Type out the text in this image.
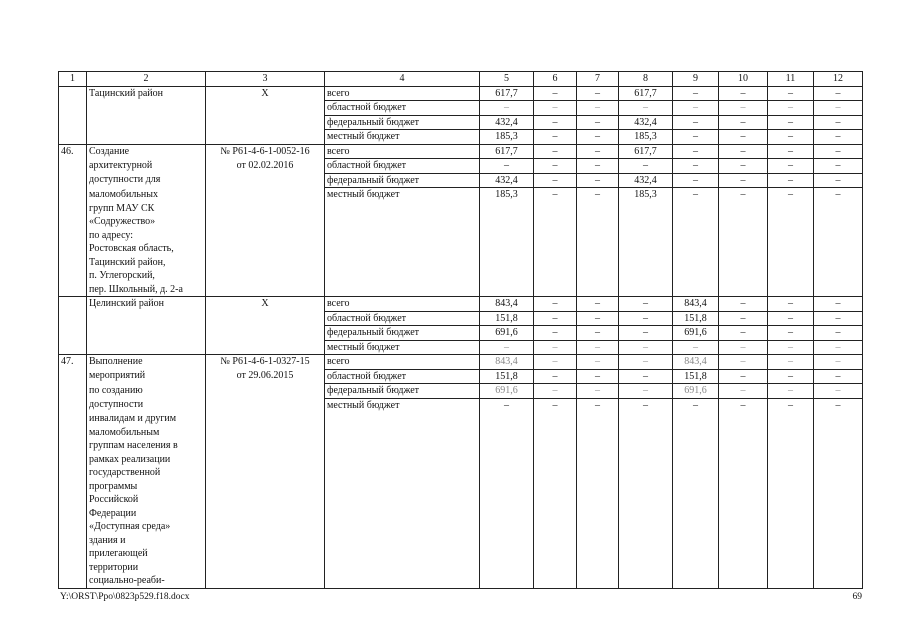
1	2	3	4	5	6	7	8	9	10	11	12
	Тацинский район	Х	всего	617,7	–	–	617,7	–	–	–	–
			областной бюджет	–	–	–	–	–	–	–	–
			федеральный бюджет	432,4	–	–	432,4	–	–	–	–
			местный бюджет	185,3	–	–	185,3	–	–	–	–
46.	Создание	№ Р61-4-6-1-0052-16	всего	617,7	–	–	617,7	–	–	–	–
	архитектурной	от 02.02.2016	областной бюджет	–	–	–	–	–	–	–	–
	доступности для		федеральный бюджет	432,4	–	–	432,4	–	–	–	–
	маломобильных		местный бюджет	185,3	–	–	185,3	–	–	–	–
	групп МАУ СК										
	«Содружество»										
	по адресу:										
	Ростовская область,										
	Тацинский район,										
	п. Углегорский,										
	пер. Школьный, д. 2-а										
	Целинский район	Х	всего	843,4	–	–	–	843,4	–	–	–
			областной бюджет	151,8	–	–	–	151,8	–	–	–
			федеральный бюджет	691,6	–	–	–	691,6	–	–	–
			местный бюджет	–	–	–	–	–	–	–	–
47.	Выполнение	№ Р61-4-6-1-0327-15	всего	843,4	–	–	–	843,4	–	–	–
	мероприятий	от 29.06.2015	областной бюджет	151,8	–	–	–	151,8	–	–	–
	по созданию		федеральный бюджет	691,6	–	–	–	691,6	–	–	–
	доступности		местный бюджет	–	–	–	–	–	–	–	–
	инвалидам и другим										
	маломобильным										
	группам населения в										
	рамках реализации										
	государственной										
	программы										
	Российской										
	Федерации										
	«Доступная среда»										
	здания и										
	прилегающей										
	территории										
	социально-реаби-										
Y:\ORST\Ppo\0823p529.f18.docx	69
